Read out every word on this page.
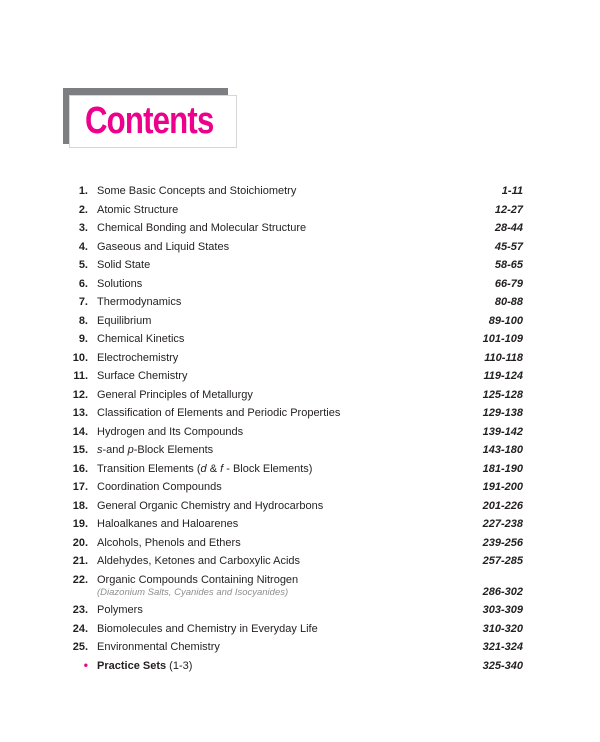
Contents
1. Some Basic Concepts and Stoichiometry	1-11
2. Atomic Structure	12-27
3. Chemical Bonding and Molecular Structure	28-44
4. Gaseous and Liquid States	45-57
5. Solid State	58-65
6. Solutions	66-79
7. Thermodynamics	80-88
8. Equilibrium	89-100
9. Chemical Kinetics	101-109
10. Electrochemistry	110-118
11. Surface Chemistry	119-124
12. General Principles of Metallurgy	125-128
13. Classification of Elements and Periodic Properties	129-138
14. Hydrogen and Its Compounds	139-142
15. s-and p-Block Elements	143-180
16. Transition Elements (d & f - Block Elements)	181-190
17. Coordination Compounds	191-200
18. General Organic Chemistry and Hydrocarbons	201-226
19. Haloalkanes and Haloarenes	227-238
20. Alcohols, Phenols and Ethers	239-256
21. Aldehydes, Ketones and Carboxylic Acids	257-285
22. Organic Compounds Containing Nitrogen
(Diazonium Salts, Cyanides and Isocyanides)	286-302
23. Polymers	303-309
24. Biomolecules and Chemistry in Everyday Life	310-320
25. Environmental Chemistry	321-324
• Practice Sets (1-3)	325-340
